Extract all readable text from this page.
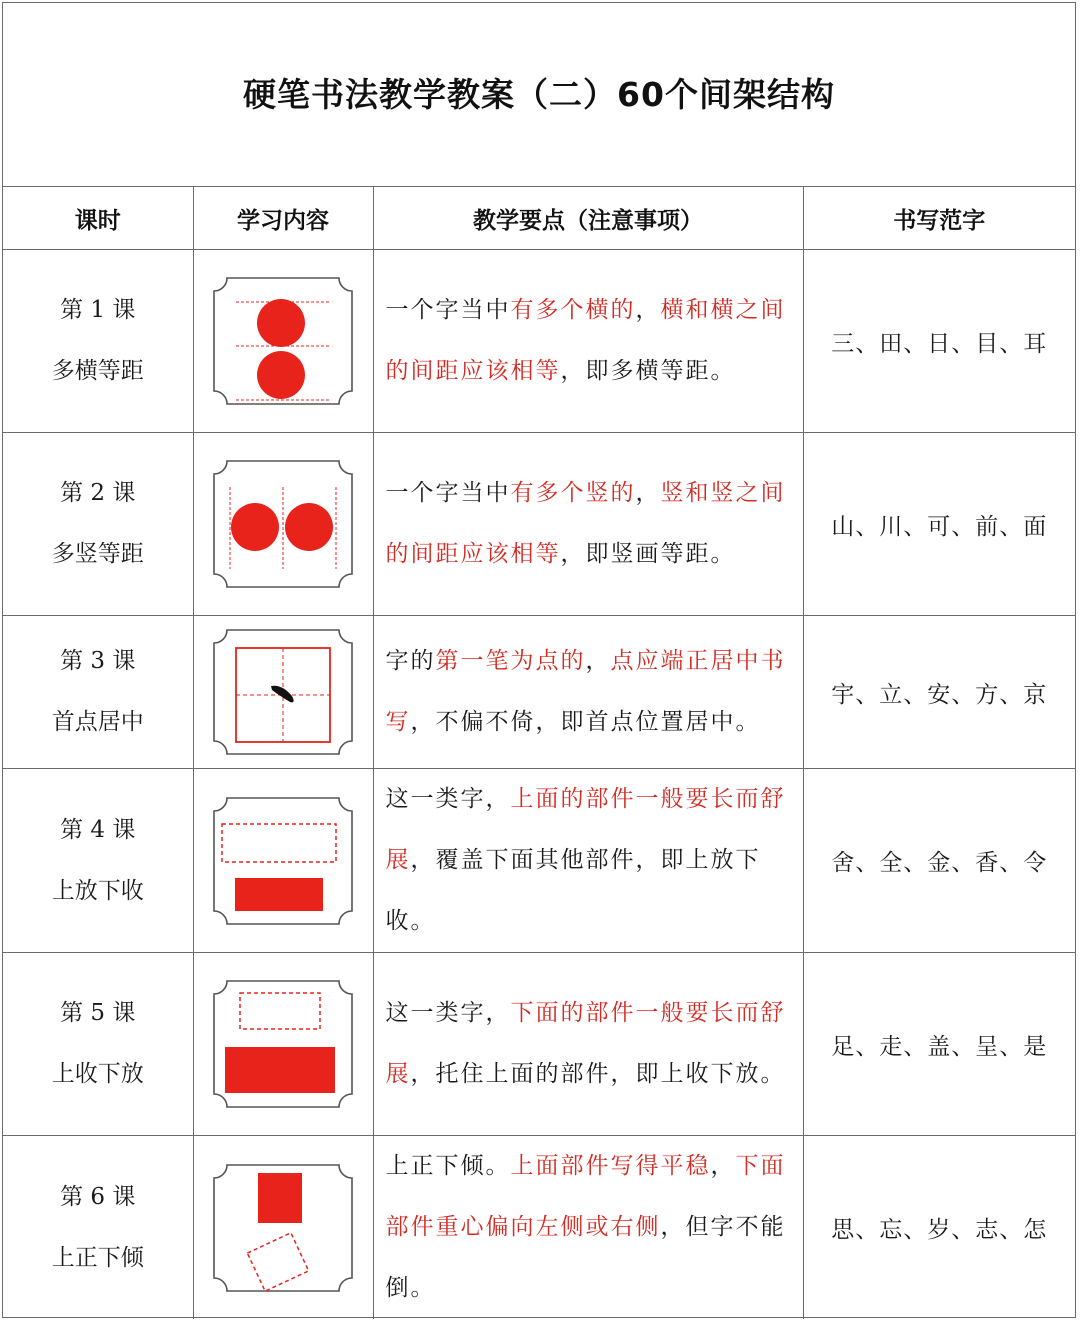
硬笔书法教学教案（二）60个间架结构
课时	学习内容	教学要点（注意事项）	书写范字

第 1 课
多横等距		一个字当中有多个横的，横和横之间的间距应该相等，即多横等距。	三、田、日、目、耳

第 2 课
多竖等距		一个字当中有多个竖的，竖和竖之间的间距应该相等，即竖画等距。	山、川、可、前、面

第 3 课
首点居中		字的第一笔为点的，点应端正居中书写，不偏不倚，即首点位置居中。	宇、立、安、方、京

第 4 课
上放下收		这一类字，上面的部件一般要长而舒展，覆盖下面其他部件，即上放下收。	舍、全、金、香、令

第 5 课
上收下放		这一类字，下面的部件一般要长而舒展，托住上面的部件，即上收下放。	足、走、盖、呈、是

第 6 课
上正下倾		上正下倾。上面部件写得平稳，下面部件重心偏向左侧或右侧，但字不能倒。	思、忘、岁、志、怎
